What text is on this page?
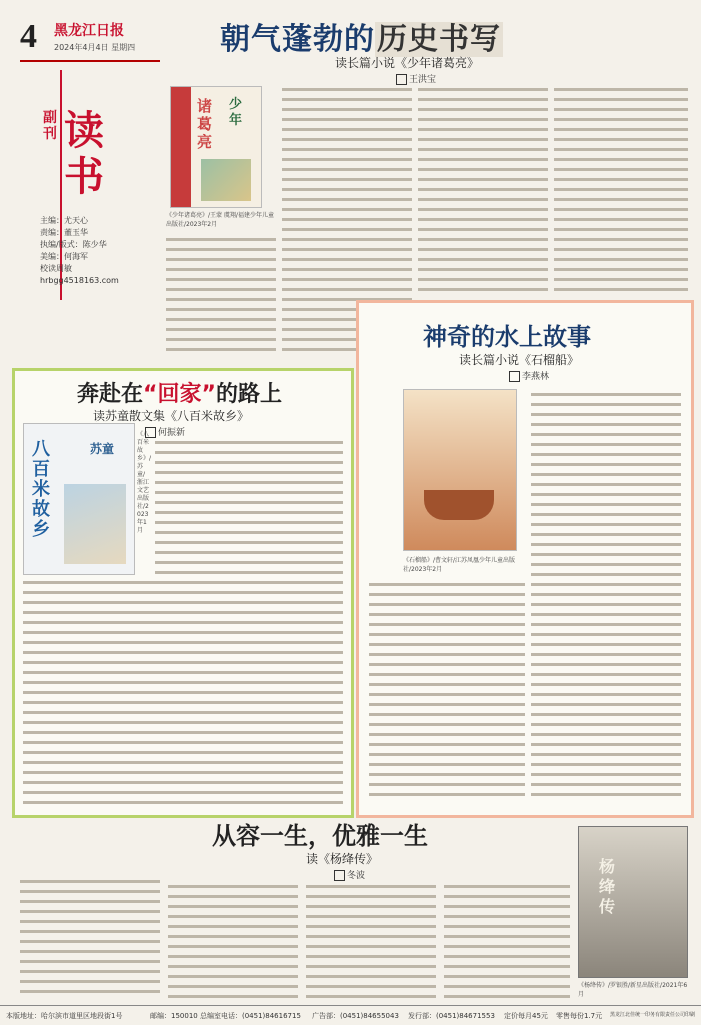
4 黑龙江日报
2024年4月4日 星期四	朝气蓬勃的历史书写
读长篇小说《少年诸葛亮》
王洪宝
副刊 读书
主编：尤天心
责编：董玉华
执编/版式：陈少华
美编：何海军
校读周敏
hrbgg4518163.com
诸葛亮
少年
《少年诸葛亮》/王蒙 虞翔/福建少年儿童出版社/2023年2月
奔赴在“回家”的路上
读苏童散文集《八百米故乡》
何振新
八百米故乡
苏童
《八百米故乡》/苏童/浙江文艺出版社/2023年1月
神奇的水上故事
读长篇小说《石榴船》
李燕林
《石榴船》/曹文轩/江苏凤凰少年儿童出版社/2023年2月
从容一生，优雅一生
读《杨绛传》
冬波	杨绛传
《杨绛传》/罗银胜/新星出版社/2021年6月
本版地址：哈尔滨市道里区地段街1号	邮编：150010 总编室电话：(0451)84616715 广告部：(0451)84655043 发行部：(0451)84671553 定价每月45元 零售每份1.7元 黑龙江北佳统一印务有限责任公司印刷
